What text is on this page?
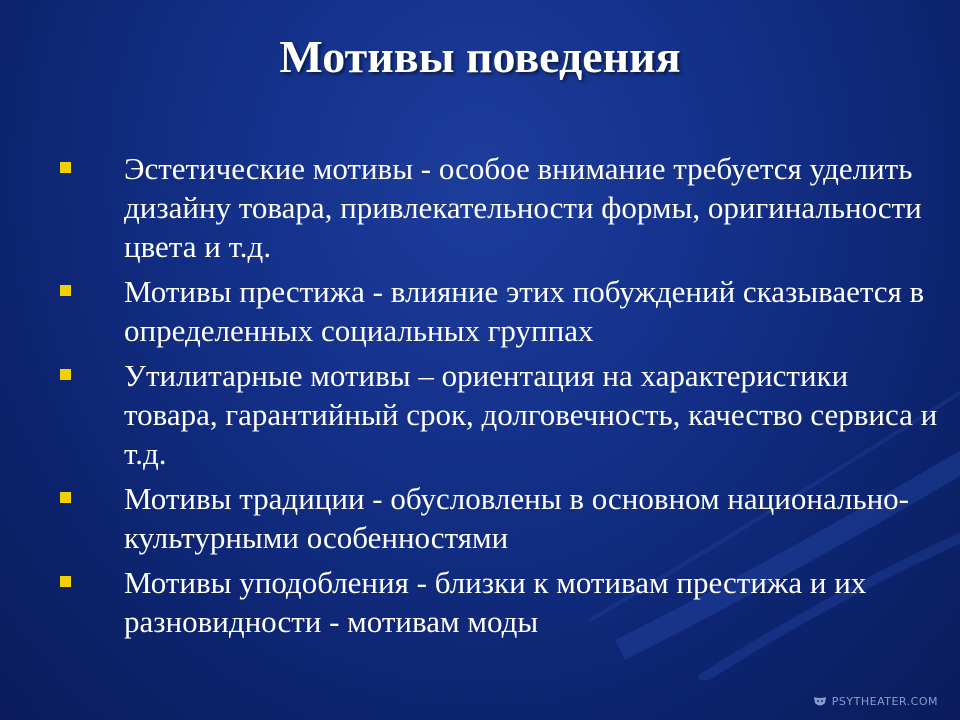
Мотивы поведения
Эстетические мотивы - особое внимание требуется уделить дизайну товара, привлекательности формы, оригинальности цвета и т.д.
Мотивы престижа - влияние этих побуждений сказывается в определенных социальных группах
Утилитарные мотивы – ориентация на характеристики товара, гарантийный срок, долговечность, качество сервиса и т.д.
Мотивы традиции - обусловлены в основном национально-культурными особенностями
Мотивы уподобления - близки к мотивам престижа и их разновидности - мотивам моды
PSYTHEATER.COM
